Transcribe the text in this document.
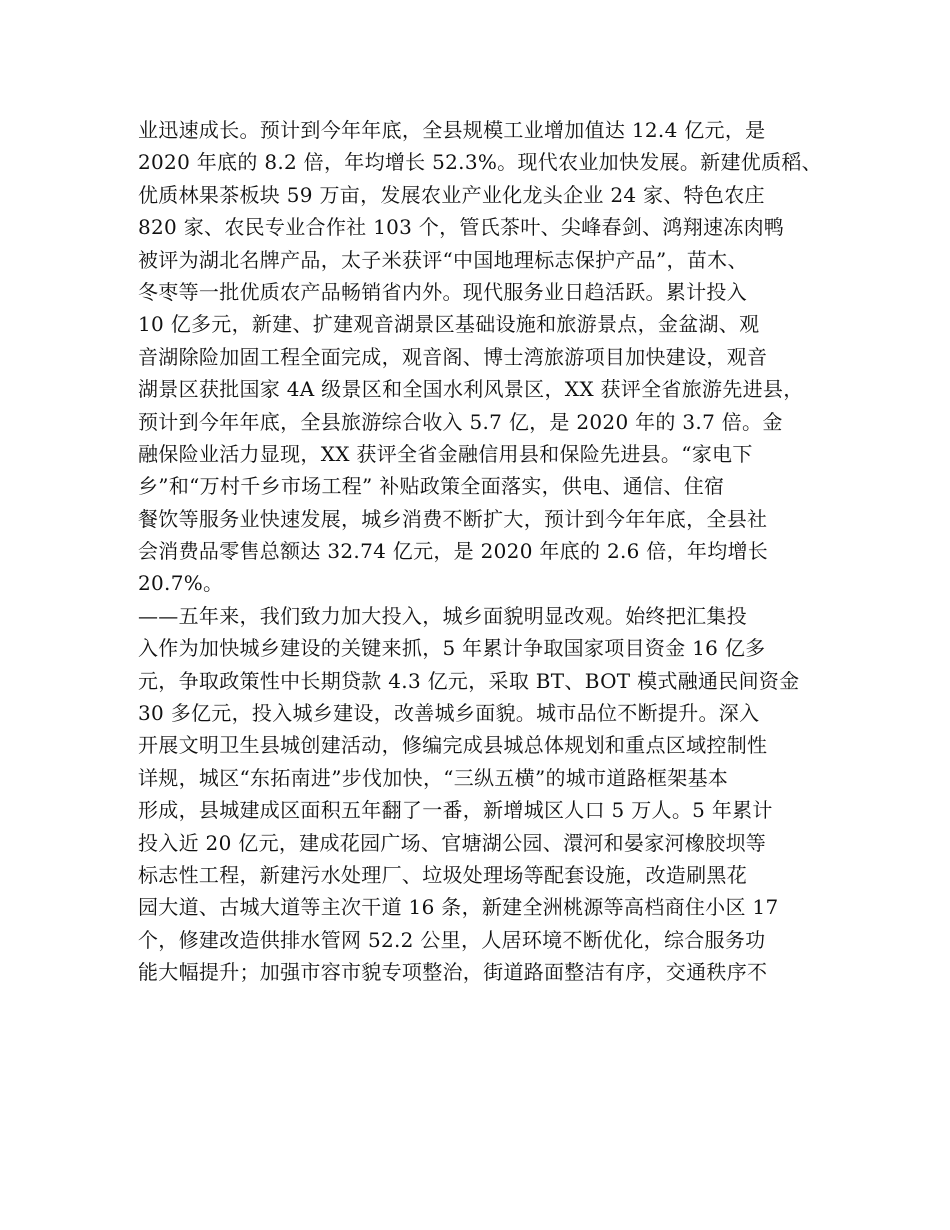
业迅速成长。预计到今年年底，全县规模工业增加值达 12.4 亿元，是
2020 年底的 8.2 倍，年均增长 52.3%。现代农业加快发展。新建优质稻、
优质林果茶板块 59 万亩，发展农业产业化龙头企业 24 家、特色农庄
820 家、农民专业合作社 103 个，管氏茶叶、尖峰春剑、鸿翔速冻肉鸭
被评为湖北名牌产品，太子米获评“中国地理标志保护产品”，苗木、
冬枣等一批优质农产品畅销省内外。现代服务业日趋活跃。累计投入
10 亿多元，新建、扩建观音湖景区基础设施和旅游景点，金盆湖、观
音湖除险加固工程全面完成，观音阁、博士湾旅游项目加快建设，观音
湖景区获批国家 4A 级景区和全国水利风景区，XX 获评全省旅游先进县，
预计到今年年底，全县旅游综合收入 5.7 亿，是 2020 年的 3.7 倍。金
融保险业活力显现，XX 获评全省金融信用县和保险先进县。“家电下
乡”和“万村千乡市场工程” 补贴政策全面落实，供电、通信、住宿
餐饮等服务业快速发展，城乡消费不断扩大，预计到今年年底，全县社
会消费品零售总额达 32.74 亿元，是 2020 年底的 2.6 倍，年均增长
20.7%。
——五年来，我们致力加大投入，城乡面貌明显改观。始终把汇集投
入作为加快城乡建设的关键来抓，5 年累计争取国家项目资金 16 亿多
元，争取政策性中长期贷款 4.3 亿元，采取 BT、BOT 模式融通民间资金
30 多亿元，投入城乡建设，改善城乡面貌。城市品位不断提升。深入
开展文明卫生县城创建活动，修编完成县城总体规划和重点区域控制性
详规，城区“东拓南进”步伐加快，“三纵五横”的城市道路框架基本
形成，县城建成区面积五年翻了一番，新增城区人口 5 万人。5 年累计
投入近 20 亿元，建成花园广场、官塘湖公园、澴河和晏家河橡胶坝等
标志性工程，新建污水处理厂、垃圾处理场等配套设施，改造刷黑花
园大道、古城大道等主次干道 16 条，新建全洲桃源等高档商住小区 17
个，修建改造供排水管网 52.2 公里，人居环境不断优化，综合服务功
能大幅提升；加强市容市貌专项整治，街道路面整洁有序，交通秩序不
